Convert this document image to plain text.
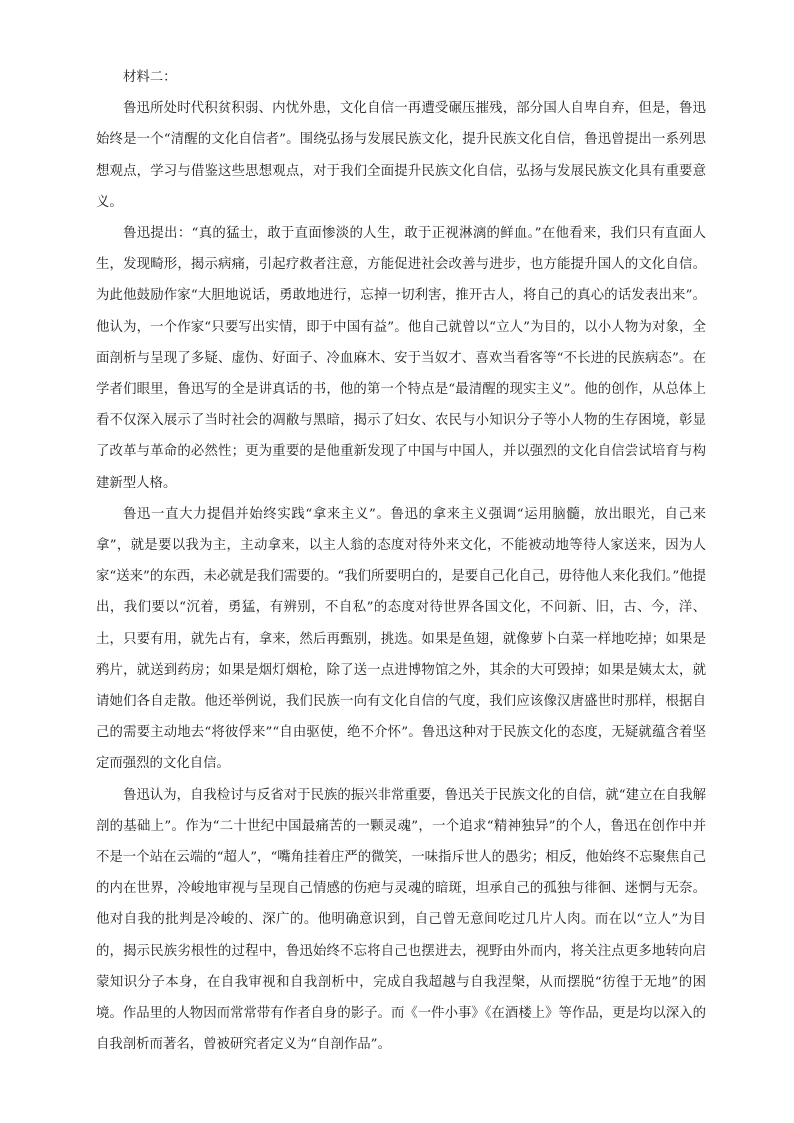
材料二：

鲁迅所处时代积贫积弱、内忧外患，文化自信一再遭受碾压摧残，部分国人自卑自弃，但是，鲁迅始终是一个“清醒的文化自信者”。围绕弘扬与发展民族文化，提升民族文化自信，鲁迅曾提出一系列思想观点，学习与借鉴这些思想观点，对于我们全面提升民族文化自信，弘扬与发展民族文化具有重要意义。

鲁迅提出：“真的猛士，敢于直面惨淡的人生，敢于正视淋漓的鲜血。”在他看来，我们只有直面人生，发现畸形，揭示病痛，引起疗救者注意，方能促进社会改善与进步，也方能提升国人的文化自信。为此他鼓励作家“大胆地说话，勇敢地进行，忘掉一切利害，推开古人，将自己的真心的话发表出来”。他认为，一个作家“只要写出实情，即于中国有益”。他自己就曾以“立人”为目的，以小人物为对象，全面剖析与呈现了多疑、虚伪、好面子、冷血麻木、安于当奴才、喜欢当看客等“不长进的民族病态”。在学者们眼里，鲁迅写的全是讲真话的书，他的第一个特点是“最清醒的现实主义”。他的创作，从总体上看不仅深入展示了当时社会的凋敝与黑暗，揭示了妇女、农民与小知识分子等小人物的生存困境，彰显了改革与革命的必然性；更为重要的是他重新发现了中国与中国人，并以强烈的文化自信尝试培育与构建新型人格。

鲁迅一直大力提倡并始终实践“拿来主义”。鲁迅的拿来主义强调“运用脑髓，放出眼光，自己来拿”，就是要以我为主，主动拿来，以主人翁的态度对待外来文化，不能被动地等待人家送来，因为人家“送来”的东西，未必就是我们需要的。“我们所要明白的，是要自己化自己，毋待他人来化我们。”他提出，我们要以“沉着，勇猛，有辨别，不自私”的态度对待世界各国文化，不问新、旧，古、今，洋、土，只要有用，就先占有，拿来，然后再甄别，挑选。如果是鱼翅，就像萝卜白菜一样地吃掉；如果是鸦片，就送到药房；如果是烟灯烟枪，除了送一点进博物馆之外，其余的大可毁掉；如果是姨太太，就请她们各自走散。他还举例说，我们民族一向有文化自信的气度，我们应该像汉唐盛世时那样，根据自己的需要主动地去“将彼俘来”“自由驱使，绝不介怀”。鲁迅这种对于民族文化的态度，无疑就蕴含着坚定而强烈的文化自信。

鲁迅认为，自我检讨与反省对于民族的振兴非常重要，鲁迅关于民族文化的自信，就“建立在自我解剖的基础上”。作为“二十世纪中国最痛苦的一颗灵魂”，一个追求“精神独异”的个人，鲁迅在创作中并不是一个站在云端的“超人”，“嘴角挂着庄严的微笑，一味指斥世人的愚劣；相反，他始终不忘聚焦自己的内在世界，冷峻地审视与呈现自己情感的伤疤与灵魂的暗斑，坦承自己的孤独与徘徊、迷惘与无奈。他对自我的批判是冷峻的、深广的。他明确意识到，自己曾无意间吃过几片人肉。而在以“立人”为目的，揭示民族劣根性的过程中，鲁迅始终不忘将自己也摆进去，视野由外而内，将关注点更多地转向启蒙知识分子本身，在自我审视和自我剖析中，完成自我超越与自我涅槃，从而摆脱“彷徨于无地”的困境。作品里的人物因而常常带有作者自身的影子。而《一件小事》《在酒楼上》等作品，更是均以深入的自我剖析而著名，曾被研究者定义为“自剖作品”。
